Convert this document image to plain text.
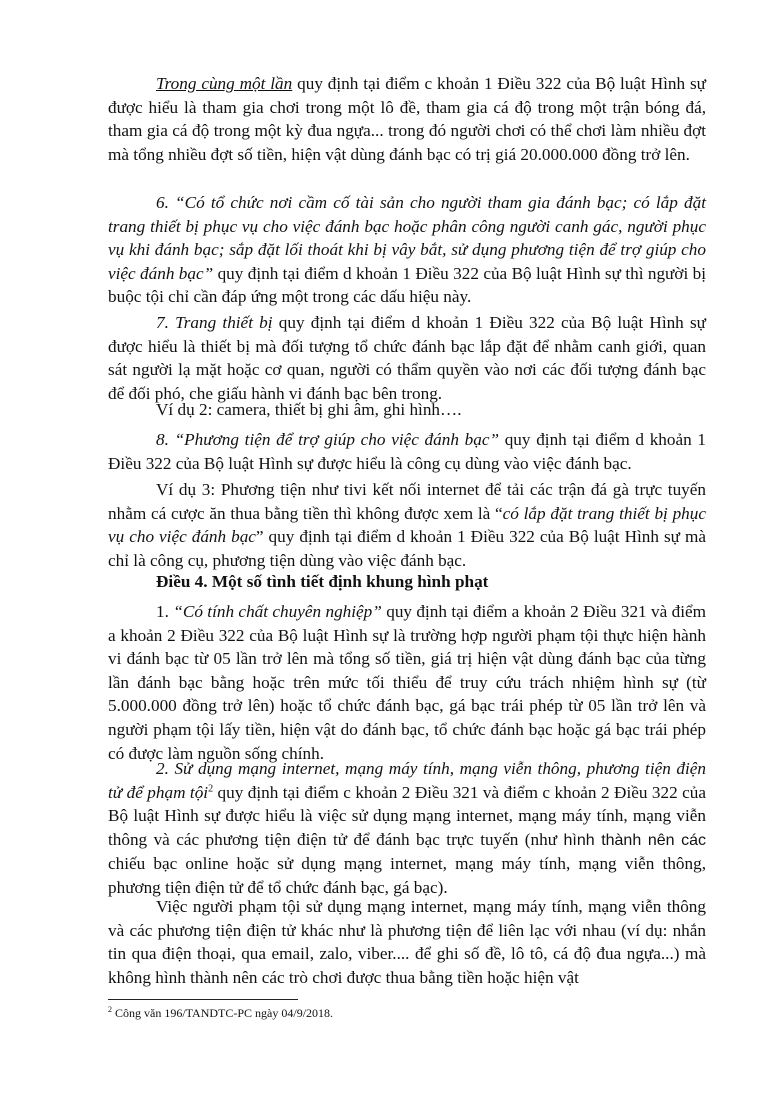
Trong cùng một lần quy định tại điểm c khoản 1 Điều 322 của Bộ luật Hình sự được hiểu là tham gia chơi trong một lô đề, tham gia cá độ trong một trận bóng đá, tham gia cá độ trong một kỳ đua ngựa... trong đó người chơi có thể chơi làm nhiều đợt mà tổng nhiều đợt số tiền, hiện vật dùng đánh bạc có trị giá 20.000.000 đồng trở lên.

6. “Có tổ chức nơi cầm cố tài sản cho người tham gia đánh bạc; có lắp đặt trang thiết bị phục vụ cho việc đánh bạc hoặc phân công người canh gác, người phục vụ khi đánh bạc; sắp đặt lối thoát khi bị vây bắt, sử dụng phương tiện để trợ giúp cho việc đánh bạc” quy định tại điểm d khoản 1 Điều 322 của Bộ luật Hình sự thì người bị buộc tội chỉ cần đáp ứng một trong các dấu hiệu này.

7. Trang thiết bị quy định tại điểm d khoản 1 Điều 322 của Bộ luật Hình sự được hiểu là thiết bị mà đối tượng tổ chức đánh bạc lắp đặt để nhằm canh giới, quan sát người lạ mặt hoặc cơ quan, người có thẩm quyền vào nơi các đối tượng đánh bạc để đối phó, che giấu hành vi đánh bạc bên trong.

Ví dụ 2: camera, thiết bị ghi âm, ghi hình….

8. “Phương tiện để trợ giúp cho việc đánh bạc” quy định tại điểm d khoản 1 Điều 322 của Bộ luật Hình sự được hiểu là công cụ dùng vào việc đánh bạc.

Ví dụ 3: Phương tiện như tivi kết nối internet để tải các trận đá gà trực tuyến nhằm cá cược ăn thua bằng tiền thì không được xem là “có lắp đặt trang thiết bị phục vụ cho việc đánh bạc” quy định tại điểm d khoản 1 Điều 322 của Bộ luật Hình sự mà chỉ là công cụ, phương tiện dùng vào việc đánh bạc.

Điều 4. Một số tình tiết định khung hình phạt

1. “Có tính chất chuyên nghiệp” quy định tại điểm a khoản 2 Điều 321 và điểm a khoản 2 Điều 322 của Bộ luật Hình sự là trường hợp người phạm tội thực hiện hành vi đánh bạc từ 05 lần trở lên mà tổng số tiền, giá trị hiện vật dùng đánh bạc của từng lần đánh bạc bằng hoặc trên mức tối thiểu để truy cứu trách nhiệm hình sự (từ 5.000.000 đồng trở lên) hoặc tổ chức đánh bạc, gá bạc trái phép từ 05 lần trở lên và người phạm tội lấy tiền, hiện vật do đánh bạc, tổ chức đánh bạc hoặc gá bạc trái phép có được làm nguồn sống chính.

2. Sử dụng mạng internet, mạng máy tính, mạng viễn thông, phương tiện điện tử để phạm tội$^2$ quy định tại điểm c khoản 2 Điều 321 và điểm c khoản 2 Điều 322 của Bộ luật Hình sự được hiểu là việc sử dụng mạng internet, mạng máy tính, mạng viễn thông và các phương tiện điện tử để đánh bạc trực tuyến (như hình thành nên các chiếu bạc online hoặc sử dụng mạng internet, mạng máy tính, mạng viễn thông, phương tiện điện tử để tổ chức đánh bạc, gá bạc).

Việc người phạm tội sử dụng mạng internet, mạng máy tính, mạng viễn thông và các phương tiện điện tử khác như là phương tiện để liên lạc với nhau (ví dụ: nhắn tin qua điện thoại, qua email, zalo, viber.... để ghi số đề, lô tô, cá độ đua ngựa...) mà không hình thành nên các trò chơi được thua bằng tiền hoặc hiện vật

$^2$ Công văn 196/TANDTC-PC ngày 04/9/2018.
